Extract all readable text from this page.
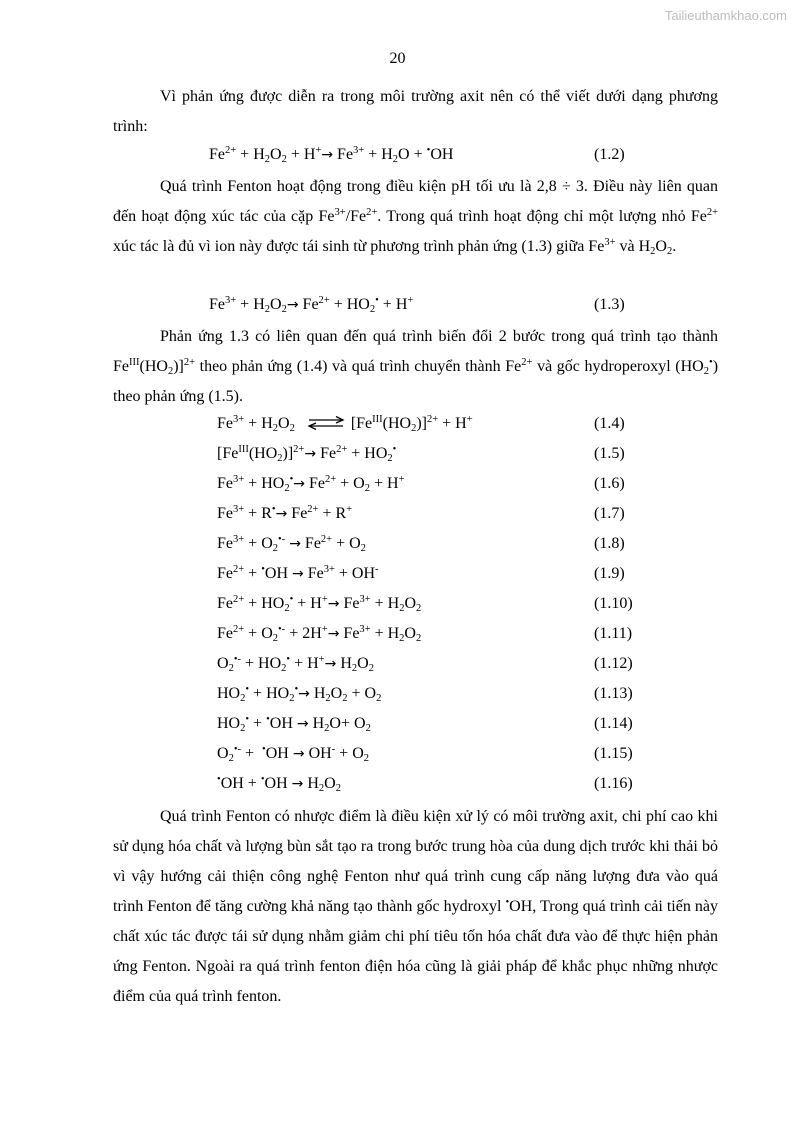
Tailieuthamkhao.com
20

Vì phản ứng được diễn ra trong môi trường axit nên có thể viết dưới dạng phương trình:

$Fe^{2+} + H_2O_2 + H^+\to Fe^{3+} + H_2O + ^•OH$	(1.2)

Quá trình Fenton hoạt động trong điều kiện pH tối ưu là 2,8 ÷ 3. Điều này liên quan đến hoạt động xúc tác của cặp $Fe^{3+}/Fe^{2+}$. Trong quá trình hoạt động chỉ một lượng nhỏ $Fe^{2+}$ xúc tác là đủ vì ion này được tái sinh từ phương trình phản ứng (1.3) giữa $Fe^{3+}$ và $H_2O_2$.

$Fe^{3+} + H_2O_2\to Fe^{2+} + HO_2^• + H^+$	(1.3)

Phản ứng 1.3 có liên quan đến quá trình biến đổi 2 bước trong quá trình tạo thành $Fe^{III}(HO_2)]^{2+}$ theo phản ứng (1.4) và quá trình chuyển thành $Fe^{2+}$ và gốc hydroperoxyl $(HO_2^•)$ theo phản ứng (1.5).

$Fe^{3+} + H_2O_2$ ⇌ $[Fe^{III}(HO_2)]^{2+} + H^+$	(1.4)
$[Fe^{III}(HO_2)]^{2+}\to Fe^{2+} + HO_2^•$	(1.5)
$Fe^{3+} + HO_2^•\to Fe^{2+} + O_2 + H^+$	(1.6)
$Fe^{3+} + R^•\to Fe^{2+} + R^+$	(1.7)
$Fe^{3+} + O_2^{•-} \to Fe^{2+} + O_2$	(1.8)
$Fe^{2+} + ^•OH \to Fe^{3+} + OH^-$	(1.9)
$Fe^{2+} + HO_2^• + H^+\to Fe^{3+} + H_2O_2$	(1.10)
$Fe^{2+} + O_2^{•-} + 2H^+\to Fe^{3+} + H_2O_2$	(1.11)
$O_2^{•-} + HO_2^• + H^+\to H_2O_2$	(1.12)
$HO_2^• + HO_2^•\to H_2O_2 + O_2$	(1.13)
$HO_2^• + ^•OH \to H_2O+ O_2$	(1.14)
$O_2^{•-} + ^•OH \to OH^- + O_2$	(1.15)
$^•OH + ^•OH \to H_2O_2$	(1.16)

Quá trình Fenton có nhược điểm là điều kiện xử lý có môi trường axit, chi phí cao khi sử dụng hóa chất và lượng bùn sắt tạo ra trong bước trung hòa của dung dịch trước khi thải bỏ vì vậy hướng cải thiện công nghệ Fenton như quá trình cung cấp năng lượng đưa vào quá trình Fenton để tăng cường khả năng tạo thành gốc hydroxyl •OH, Trong quá trình cải tiến này chất xúc tác được tái sử dụng nhằm giảm chi phí tiêu tốn hóa chất đưa vào để thực hiện phản ứng Fenton. Ngoài ra quá trình fenton điện hóa cũng là giải pháp để khắc phục những nhược điểm của quá trình fenton.
